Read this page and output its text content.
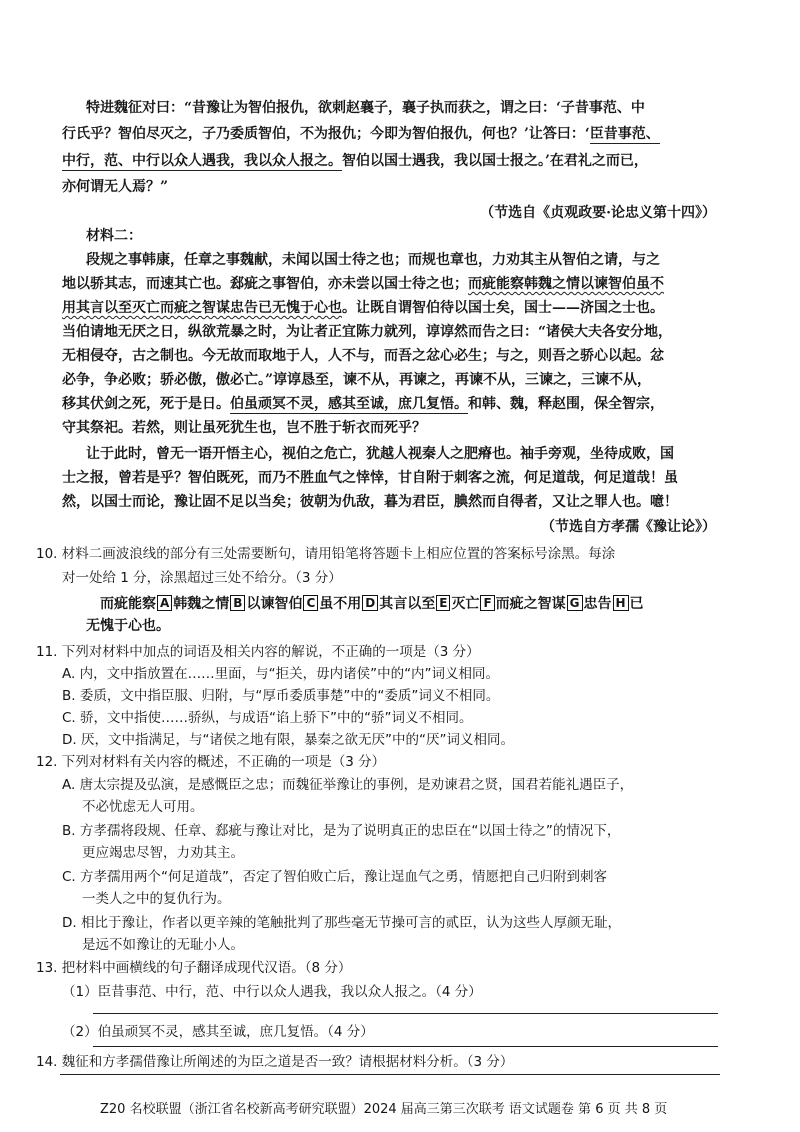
特进魏征对曰：“昔豫让为智伯报仇，欲刺赵襄子，襄子执而获之，谓之曰：‘子昔事范、中
行氏乎？智伯尽灭之，子乃委质智伯，不为报仇；今即为智伯报仇，何也？’让答曰：‘臣昔事范、
中行，范、中行以众人遇我，我以众人报之。智伯以国士遇我，我以国士报之。’在君礼之而已，
亦何谓无人焉？”
（节选自《贞观政要·论忠义第十四》）
材料二：
段规之事韩康，任章之事魏献，未闻以国士待之也；而规也章也，力劝其主从智伯之请，与之
地以骄其志，而速其亡也。郄疵之事智伯，亦未尝以国士待之也；而疵能察韩魏之情以谏智伯虽不
用其言以至灭亡而疵之智谋忠告已无愧于心也。让既自谓智伯待以国士矣，国士——济国之士也。
当伯请地无厌之日，纵欲荒暴之时，为让者正宜陈力就列，谆谆然而告之曰：“诸侯大夫各安分地，
无相侵夺，古之制也。今无故而取地于人，人不与，而吾之忿心必生；与之，则吾之骄心以起。忿
必争，争必败；骄必傲，傲必亡。”谆谆恳至，谏不从，再谏之，再谏不从，三谏之，三谏不从，
移其伏剑之死，死于是日。伯虽顽冥不灵，感其至诚，庶几复悟。和韩、魏，释赵围，保全智宗，
守其祭祀。若然，则让虽死犹生也，岂不胜于斩衣而死乎？
让于此时，曾无一语开悟主心，视伯之危亡，犹越人视秦人之肥瘠也。袖手旁观，坐待成败，国
士之报，曾若是乎？智伯既死，而乃不胜血气之悻悻，甘自附于刺客之流，何足道哉，何足道哉！虽
然，以国士而论，豫让固不足以当矣；彼朝为仇敌，暮为君臣，腆然而自得者，又让之罪人也。噫！
（节选自方孝孺《豫让论》）
10. 材料二画波浪线的部分有三处需要断句，请用铅笔将答题卡上相应位置的答案标号涂黑。每涂
对一处给 1 分，涂黑超过三处不给分。（3 分）
而疵能察 A 韩魏之情 B 以谏智伯 C 虽不用 D 其言以至 E 灭亡 F 而疵之智谋 G 忠告 H 已
无愧于心也。
11. 下列对材料中加点的词语及相关内容的解说，不正确的一项是（3 分）
A. 内，文中指放置在……里面，与“拒关，毋内诸侯”中的“内”词义相同。
B. 委质，文中指臣服、归附，与“厚币委质事楚”中的“委质”词义不相同。
C. 骄，文中指使……骄纵，与成语“谄上骄下”中的“骄”词义不相同。
D. 厌，文中指满足，与“诸侯之地有限，暴秦之欲无厌”中的“厌”词义相同。
12. 下列对材料有关内容的概述，不正确的一项是（3 分）
A. 唐太宗提及弘演，是感慨臣之忠；而魏征举豫让的事例，是劝谏君之贤，国君若能礼遇臣子，
不必忧虑无人可用。
B. 方孝孺将段规、任章、郄疵与豫让对比，是为了说明真正的忠臣在“以国士待之”的情况下，
更应竭忠尽智，力劝其主。
C. 方孝孺用两个“何足道哉”，否定了智伯败亡后，豫让逞血气之勇，情愿把自己归附到刺客
一类人之中的复仇行为。
D. 相比于豫让，作者以更辛辣的笔触批判了那些毫无节操可言的贰臣，认为这些人厚颜无耻，
是远不如豫让的无耻小人。
13. 把材料中画横线的句子翻译成现代汉语。（8 分）
（1）臣昔事范、中行，范、中行以众人遇我，我以众人报之。（4 分）
（2）伯虽顽冥不灵，感其至诚，庶几复悟。（4 分）
14. 魏征和方孝孺借豫让所阐述的为臣之道是否一致？请根据材料分析。（3 分）
Z20 名校联盟（浙江省名校新高考研究联盟）2024 届高三第三次联考 语文试题卷 第 6 页 共 8 页
